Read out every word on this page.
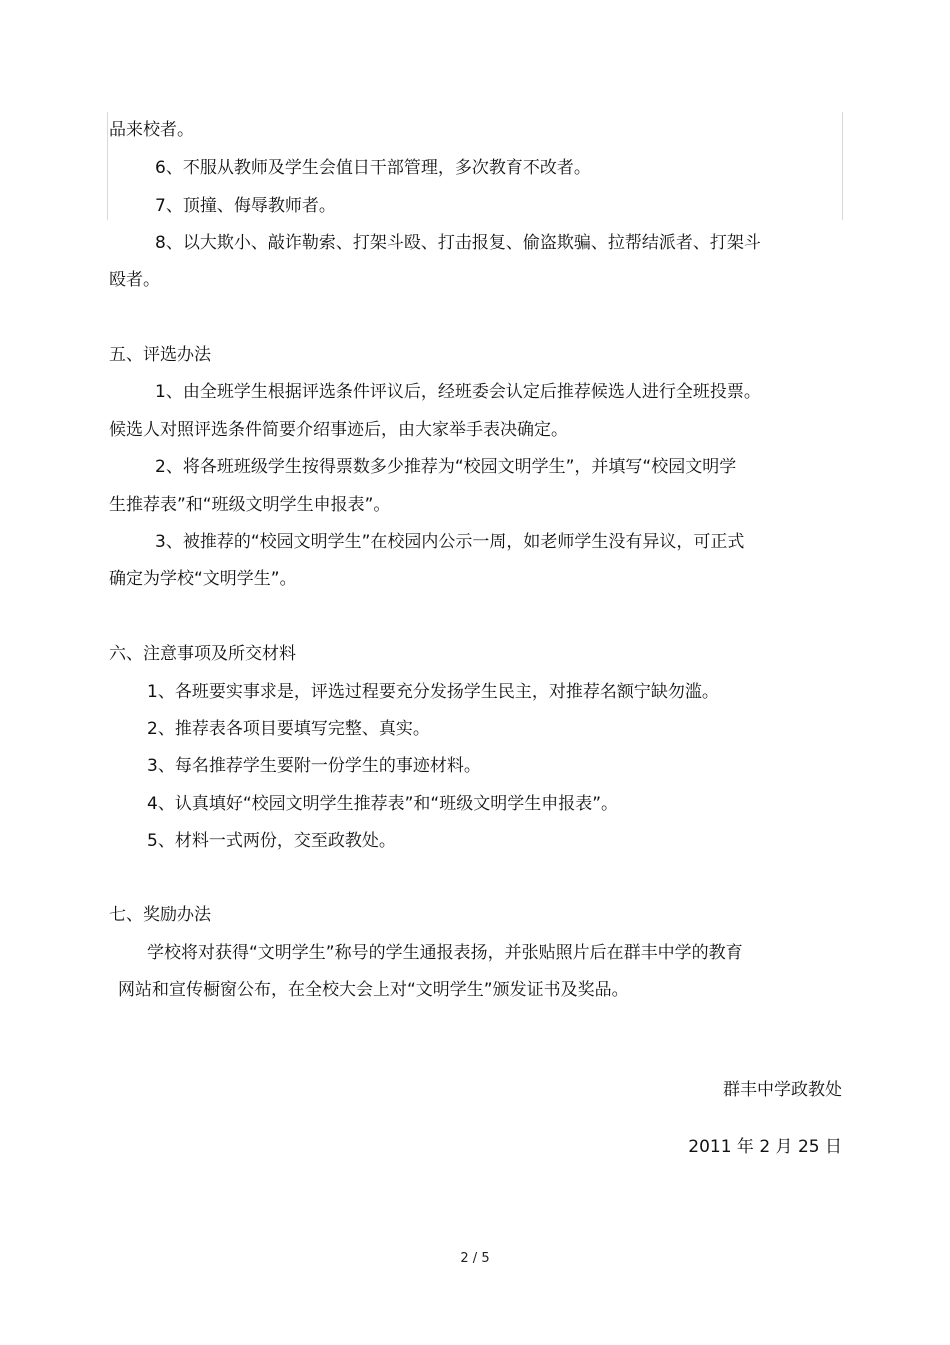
品来校者。
6、不服从教师及学生会值日干部管理，多次教育不改者。
7、顶撞、侮辱教师者。
8、以大欺小、敲诈勒索、打架斗殴、打击报复、偷盗欺骗、拉帮结派者、打架斗
殴者。
五、评选办法
1、由全班学生根据评选条件评议后，经班委会认定后推荐候选人进行全班投票。
候选人对照评选条件简要介绍事迹后，由大家举手表决确定。
2、将各班班级学生按得票数多少推荐为“校园文明学生”，并填写“校园文明学
生推荐表”和“班级文明学生申报表”。
3、被推荐的“校园文明学生”在校园内公示一周，如老师学生没有异议，可正式
确定为学校“文明学生”。
六、注意事项及所交材料
1、各班要实事求是，评选过程要充分发扬学生民主，对推荐名额宁缺勿滥。
2、推荐表各项目要填写完整、真实。
3、每名推荐学生要附一份学生的事迹材料。
4、认真填好“校园文明学生推荐表”和“班级文明学生申报表”。
5、材料一式两份，交至政教处。
七、奖励办法
学校将对获得“文明学生”称号的学生通报表扬，并张贴照片后在群丰中学的教育
网站和宣传橱窗公布，在全校大会上对“文明学生”颁发证书及奖品。
群丰中学政教处
2011 年 2 月 25 日
2 / 5
